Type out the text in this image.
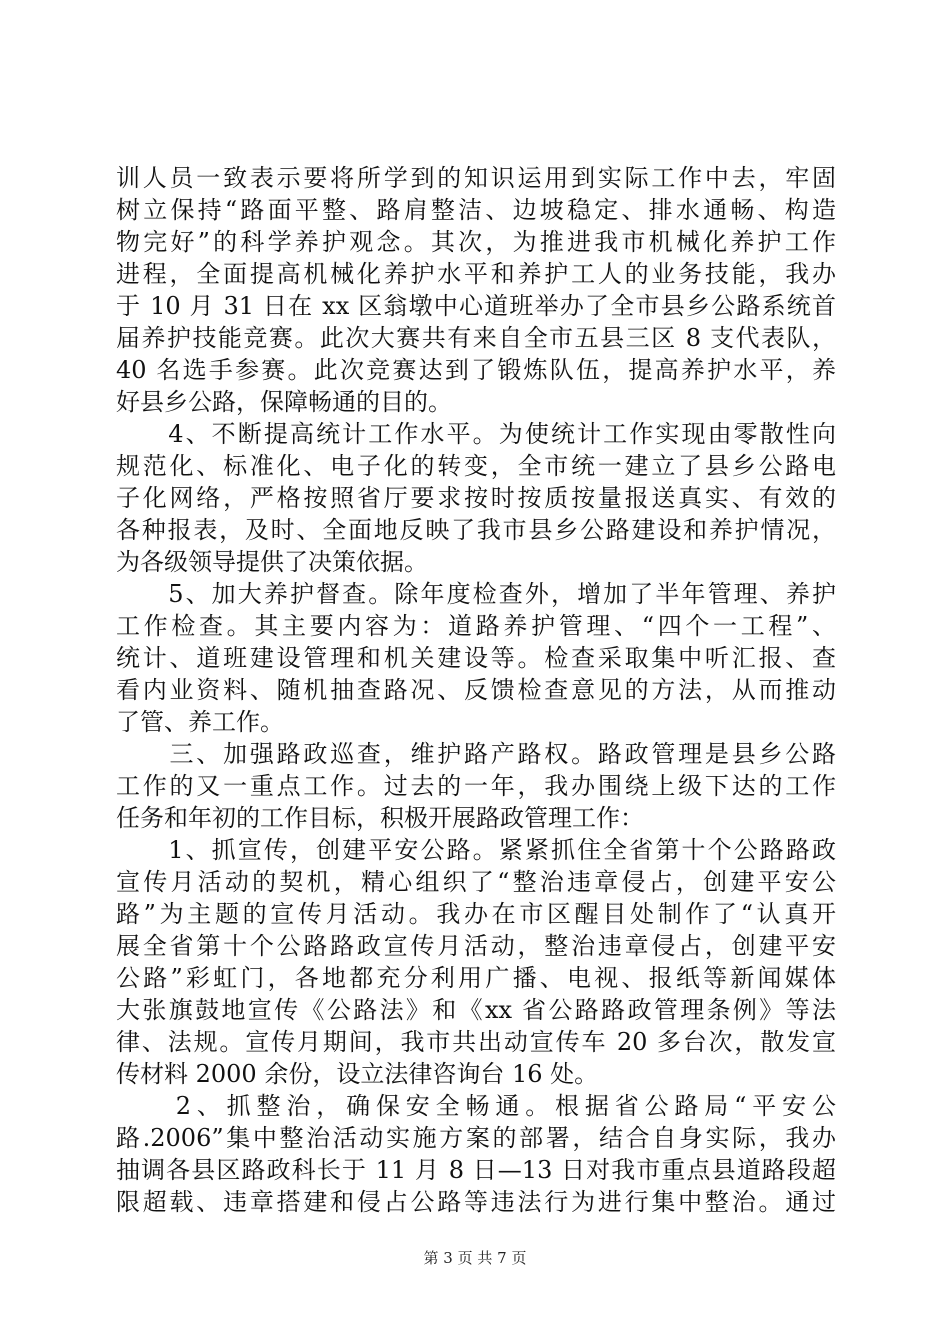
训人员一致表示要将所学到的知识运用到实际工作中去，牢固
树立保持“路面平整、路肩整洁、边坡稳定、排水通畅、构造
物完好”的科学养护观念。其次，为推进我市机械化养护工作
进程，全面提高机械化养护水平和养护工人的业务技能，我办
于 10 月 31 日在 xx 区翁墩中心道班举办了全市县乡公路系统首
届养护技能竞赛。此次大赛共有来自全市五县三区 8 支代表队，
40 名选手参赛。此次竞赛达到了锻炼队伍，提高养护水平，养
好县乡公路，保障畅通的目的。
　　4、不断提高统计工作水平。为使统计工作实现由零散性向
规范化、标准化、电子化的转变，全市统一建立了县乡公路电
子化网络，严格按照省厅要求按时按质按量报送真实、有效的
各种报表，及时、全面地反映了我市县乡公路建设和养护情况，
为各级领导提供了决策依据。
　　5、加大养护督查。除年度检查外，增加了半年管理、养护
工作检查。其主要内容为：道路养护管理、“四个一工程”、
统计、道班建设管理和机关建设等。检查采取集中听汇报、查
看内业资料、随机抽查路况、反馈检查意见的方法，从而推动
了管、养工作。
　　三、加强路政巡查，维护路产路权。路政管理是县乡公路
工作的又一重点工作。过去的一年，我办围绕上级下达的工作
任务和年初的工作目标，积极开展路政管理工作：
　　1、抓宣传，创建平安公路。紧紧抓住全省第十个公路路政
宣传月活动的契机，精心组织了“整治违章侵占，创建平安公
路”为主题的宣传月活动。我办在市区醒目处制作了“认真开
展全省第十个公路路政宣传月活动，整治违章侵占，创建平安
公路”彩虹门，各地都充分利用广播、电视、报纸等新闻媒体
大张旗鼓地宣传《公路法》和《xx 省公路路政管理条例》等法
律、法规。宣传月期间，我市共出动宣传车 20 多台次，散发宣
传材料 2000 余份，设立法律咨询台 16 处。
　　2、抓整治，确保安全畅通。根据省公路局“平安公
路.2006”集中整治活动实施方案的部署，结合自身实际，我办
抽调各县区路政科长于 11 月 8 日—13 日对我市重点县道路段超
限超载、违章搭建和侵占公路等违法行为进行集中整治。通过
第 3 页 共 7 页
